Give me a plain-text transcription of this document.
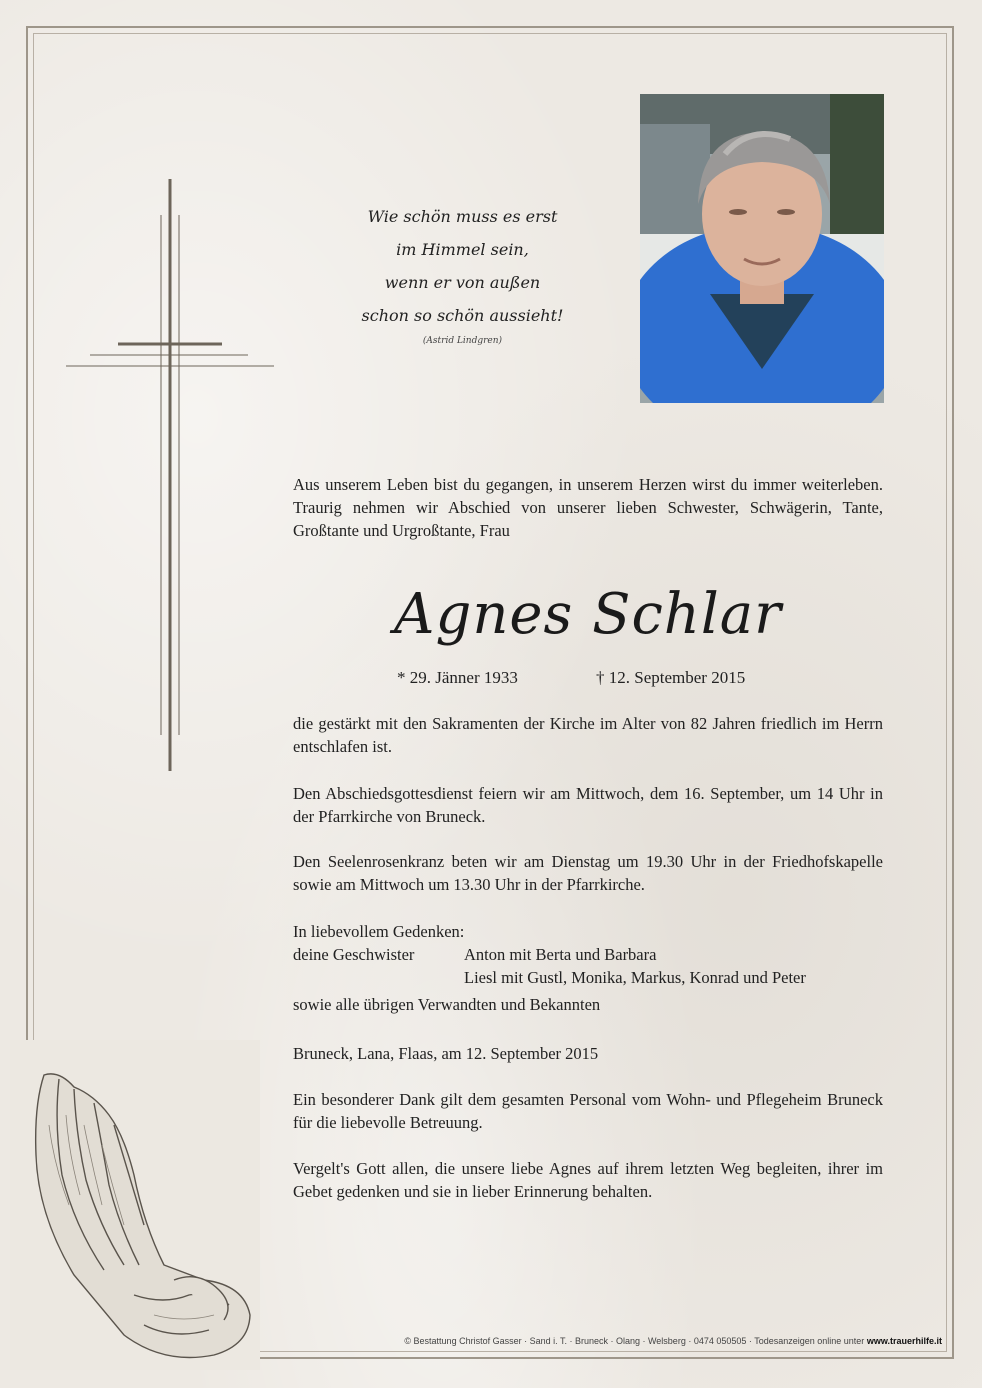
Wie schön muss es erst
im Himmel sein,
wenn er von außen
schon so schön aussieht!
(Astrid Lindgren)

Aus unserem Leben bist du gegangen, in unserem Herzen wirst du immer weiterleben. Traurig nehmen wir Abschied von unserer lieben Schwester, Schwägerin, Tante, Großtante und Urgroßtante, Frau

Agnes Schlar
* 29. Jänner 1933	† 12. September 2015

die gestärkt mit den Sakramenten der Kirche im Alter von 82 Jahren friedlich im Herrn entschlafen ist.

Den Abschiedsgottesdienst feiern wir am Mittwoch, dem 16. September, um 14 Uhr in der Pfarrkirche von Bruneck.

Den Seelenrosenkranz beten wir am Dienstag um 19.30 Uhr in der Friedhofskapelle sowie am Mittwoch um 13.30 Uhr in der Pfarrkirche.

In liebevollem Gedenken:
deine Geschwister	Anton mit Berta und Barbara
Liesl mit Gustl, Monika, Markus, Konrad und Peter
sowie alle übrigen Verwandten und Bekannten

Bruneck, Lana, Flaas, am 12. September 2015

Ein besonderer Dank gilt dem gesamten Personal vom Wohn- und Pflegeheim Bruneck für die liebevolle Betreuung.

Vergelt's Gott allen, die unsere liebe Agnes auf ihrem letzten Weg begleiten, ihrer im Gebet gedenken und sie in lieber Erinnerung behalten.

© Bestattung Christof Gasser · Sand i. T. · Bruneck · Olang · Welsberg · 0474 050505 · Todesanzeigen online unter www.trauerhilfe.it
